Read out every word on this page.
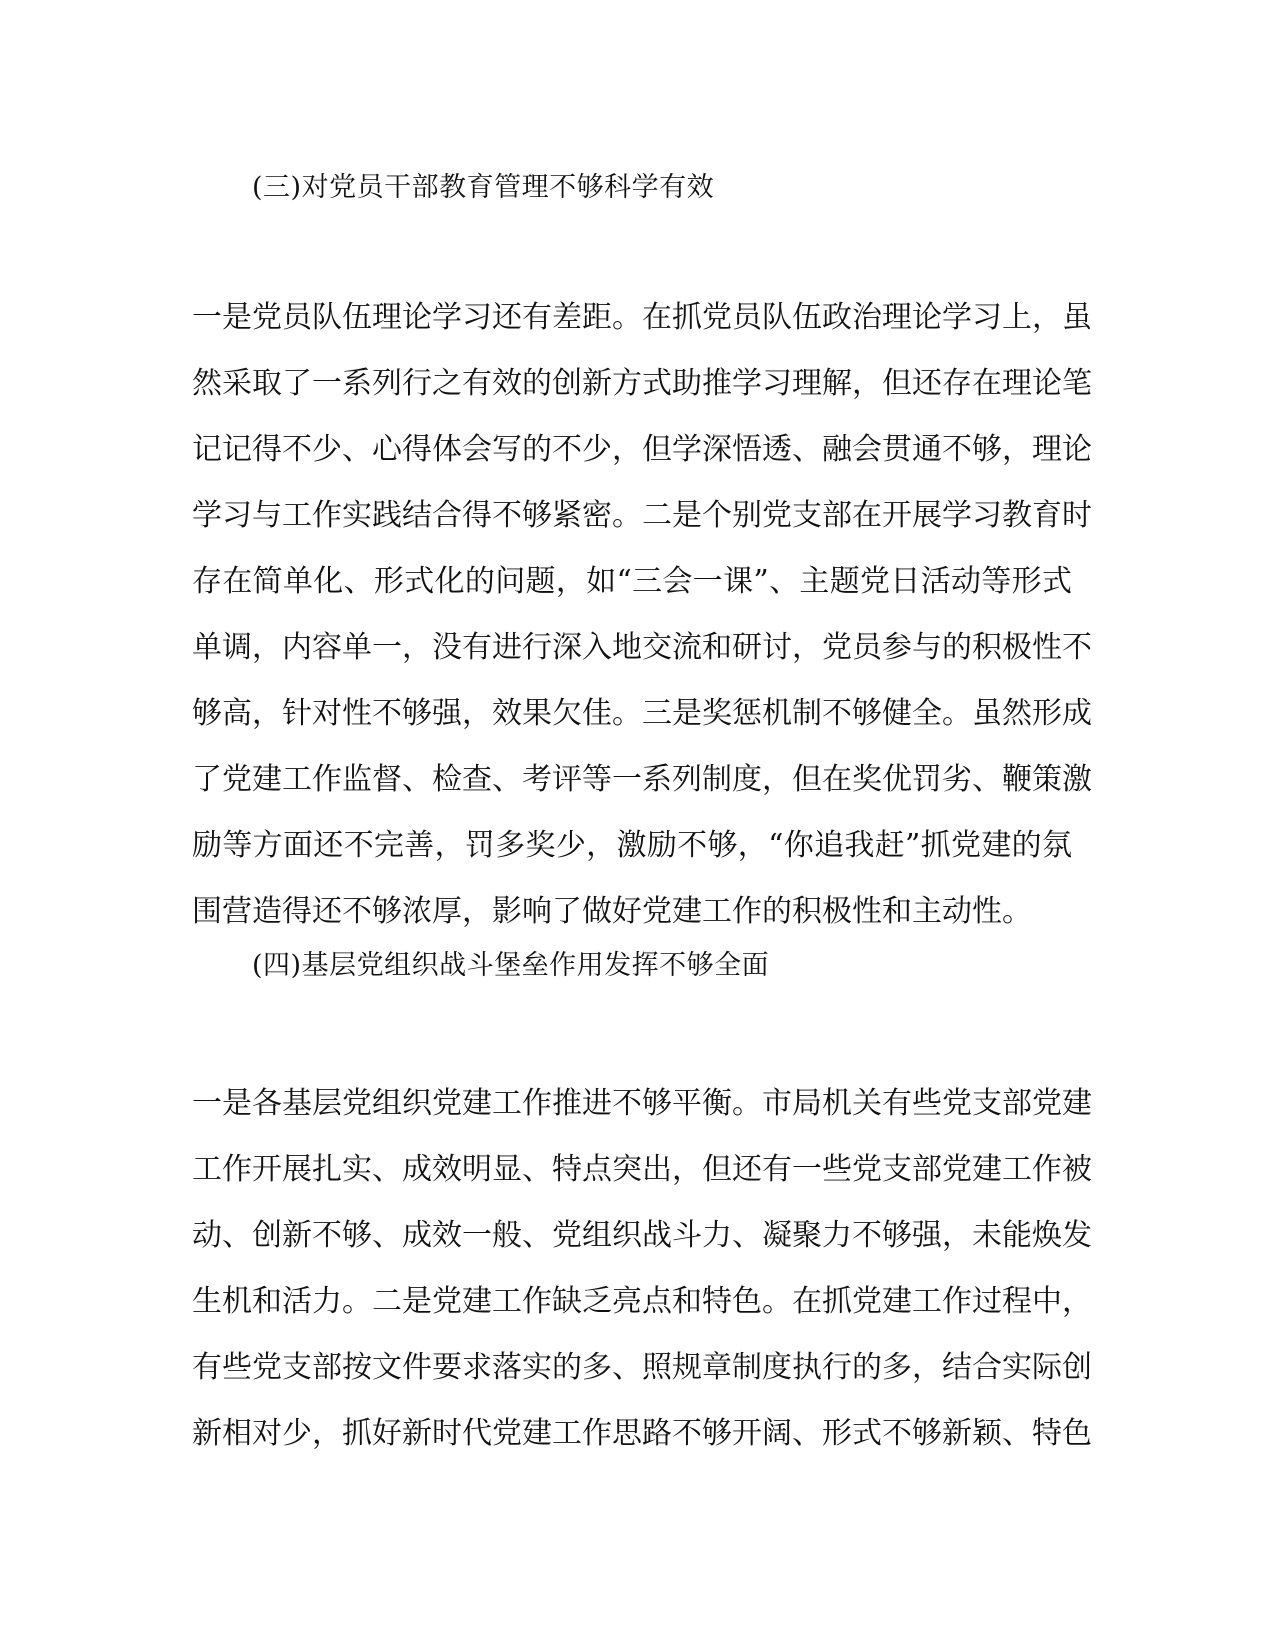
(三)对党员干部教育管理不够科学有效
一是党员队伍理论学习还有差距。在抓党员队伍政治理论学习上，虽
然采取了一系列行之有效的创新方式助推学习理解，但还存在理论笔
记记得不少、心得体会写的不少，但学深悟透、融会贯通不够，理论
学习与工作实践结合得不够紧密。二是个别党支部在开展学习教育时
存在简单化、形式化的问题，如“三会一课”、主题党日活动等形式
单调，内容单一，没有进行深入地交流和研讨，党员参与的积极性不
够高，针对性不够强，效果欠佳。三是奖惩机制不够健全。虽然形成
了党建工作监督、检查、考评等一系列制度，但在奖优罚劣、鞭策激
励等方面还不完善，罚多奖少，激励不够，“你追我赶”抓党建的氛
围营造得还不够浓厚，影响了做好党建工作的积极性和主动性。
(四)基层党组织战斗堡垒作用发挥不够全面
一是各基层党组织党建工作推进不够平衡。市局机关有些党支部党建
工作开展扎实、成效明显、特点突出，但还有一些党支部党建工作被
动、创新不够、成效一般、党组织战斗力、凝聚力不够强，未能焕发
生机和活力。二是党建工作缺乏亮点和特色。在抓党建工作过程中，
有些党支部按文件要求落实的多、照规章制度执行的多，结合实际创
新相对少，抓好新时代党建工作思路不够开阔、形式不够新颖、特色
